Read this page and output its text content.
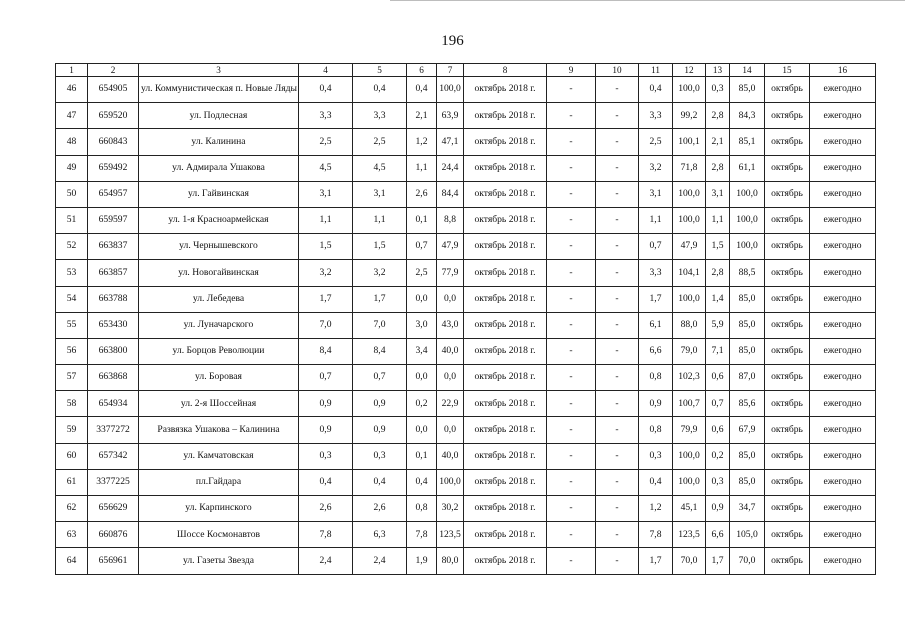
196
1	2	3	4	5	6	7	8	9	10	11	12	13	14	15	16
46	654905	ул. Коммунистическая п. Новые Ляды	0,4	0,4	0,4	100,0	октябрь 2018 г.	-	-	0,4	100,0	0,3	85,0	октябрь	ежегодно
47	659520	ул. Подлесная	3,3	3,3	2,1	63,9	октябрь 2018 г.	-	-	3,3	99,2	2,8	84,3	октябрь	ежегодно
48	660843	ул. Калинина	2,5	2,5	1,2	47,1	октябрь 2018 г.	-	-	2,5	100,1	2,1	85,1	октябрь	ежегодно
49	659492	ул. Адмирала Ушакова	4,5	4,5	1,1	24,4	октябрь 2018 г.	-	-	3,2	71,8	2,8	61,1	октябрь	ежегодно
50	654957	ул. Гайвинская	3,1	3,1	2,6	84,4	октябрь 2018 г.	-	-	3,1	100,0	3,1	100,0	октябрь	ежегодно
51	659597	ул. 1-я Красноармейская	1,1	1,1	0,1	8,8	октябрь 2018 г.	-	-	1,1	100,0	1,1	100,0	октябрь	ежегодно
52	663837	ул. Чернышевского	1,5	1,5	0,7	47,9	октябрь 2018 г.	-	-	0,7	47,9	1,5	100,0	октябрь	ежегодно
53	663857	ул. Новогайвинская	3,2	3,2	2,5	77,9	октябрь 2018 г.	-	-	3,3	104,1	2,8	88,5	октябрь	ежегодно
54	663788	ул. Лебедева	1,7	1,7	0,0	0,0	октябрь 2018 г.	-	-	1,7	100,0	1,4	85,0	октябрь	ежегодно
55	653430	ул. Луначарского	7,0	7,0	3,0	43,0	октябрь 2018 г.	-	-	6,1	88,0	5,9	85,0	октябрь	ежегодно
56	663800	ул. Борцов Революции	8,4	8,4	3,4	40,0	октябрь 2018 г.	-	-	6,6	79,0	7,1	85,0	октябрь	ежегодно
57	663868	ул. Боровая	0,7	0,7	0,0	0,0	октябрь 2018 г.	-	-	0,8	102,3	0,6	87,0	октябрь	ежегодно
58	654934	ул. 2-я Шоссейная	0,9	0,9	0,2	22,9	октябрь 2018 г.	-	-	0,9	100,7	0,7	85,6	октябрь	ежегодно
59	3377272	Развязка Ушакова – Калинина	0,9	0,9	0,0	0,0	октябрь 2018 г.	-	-	0,8	79,9	0,6	67,9	октябрь	ежегодно
60	657342	ул. Камчатовская	0,3	0,3	0,1	40,0	октябрь 2018 г.	-	-	0,3	100,0	0,2	85,0	октябрь	ежегодно
61	3377225	пл.Гайдара	0,4	0,4	0,4	100,0	октябрь 2018 г.	-	-	0,4	100,0	0,3	85,0	октябрь	ежегодно
62	656629	ул. Карпинского	2,6	2,6	0,8	30,2	октябрь 2018 г.	-	-	1,2	45,1	0,9	34,7	октябрь	ежегодно
63	660876	Шоссе Космонавтов	7,8	6,3	7,8	123,5	октябрь 2018 г.	-	-	7,8	123,5	6,6	105,0	октябрь	ежегодно
64	656961	ул. Газеты Звезда	2,4	2,4	1,9	80,0	октябрь 2018 г.	-	-	1,7	70,0	1,7	70,0	октябрь	ежегодно
